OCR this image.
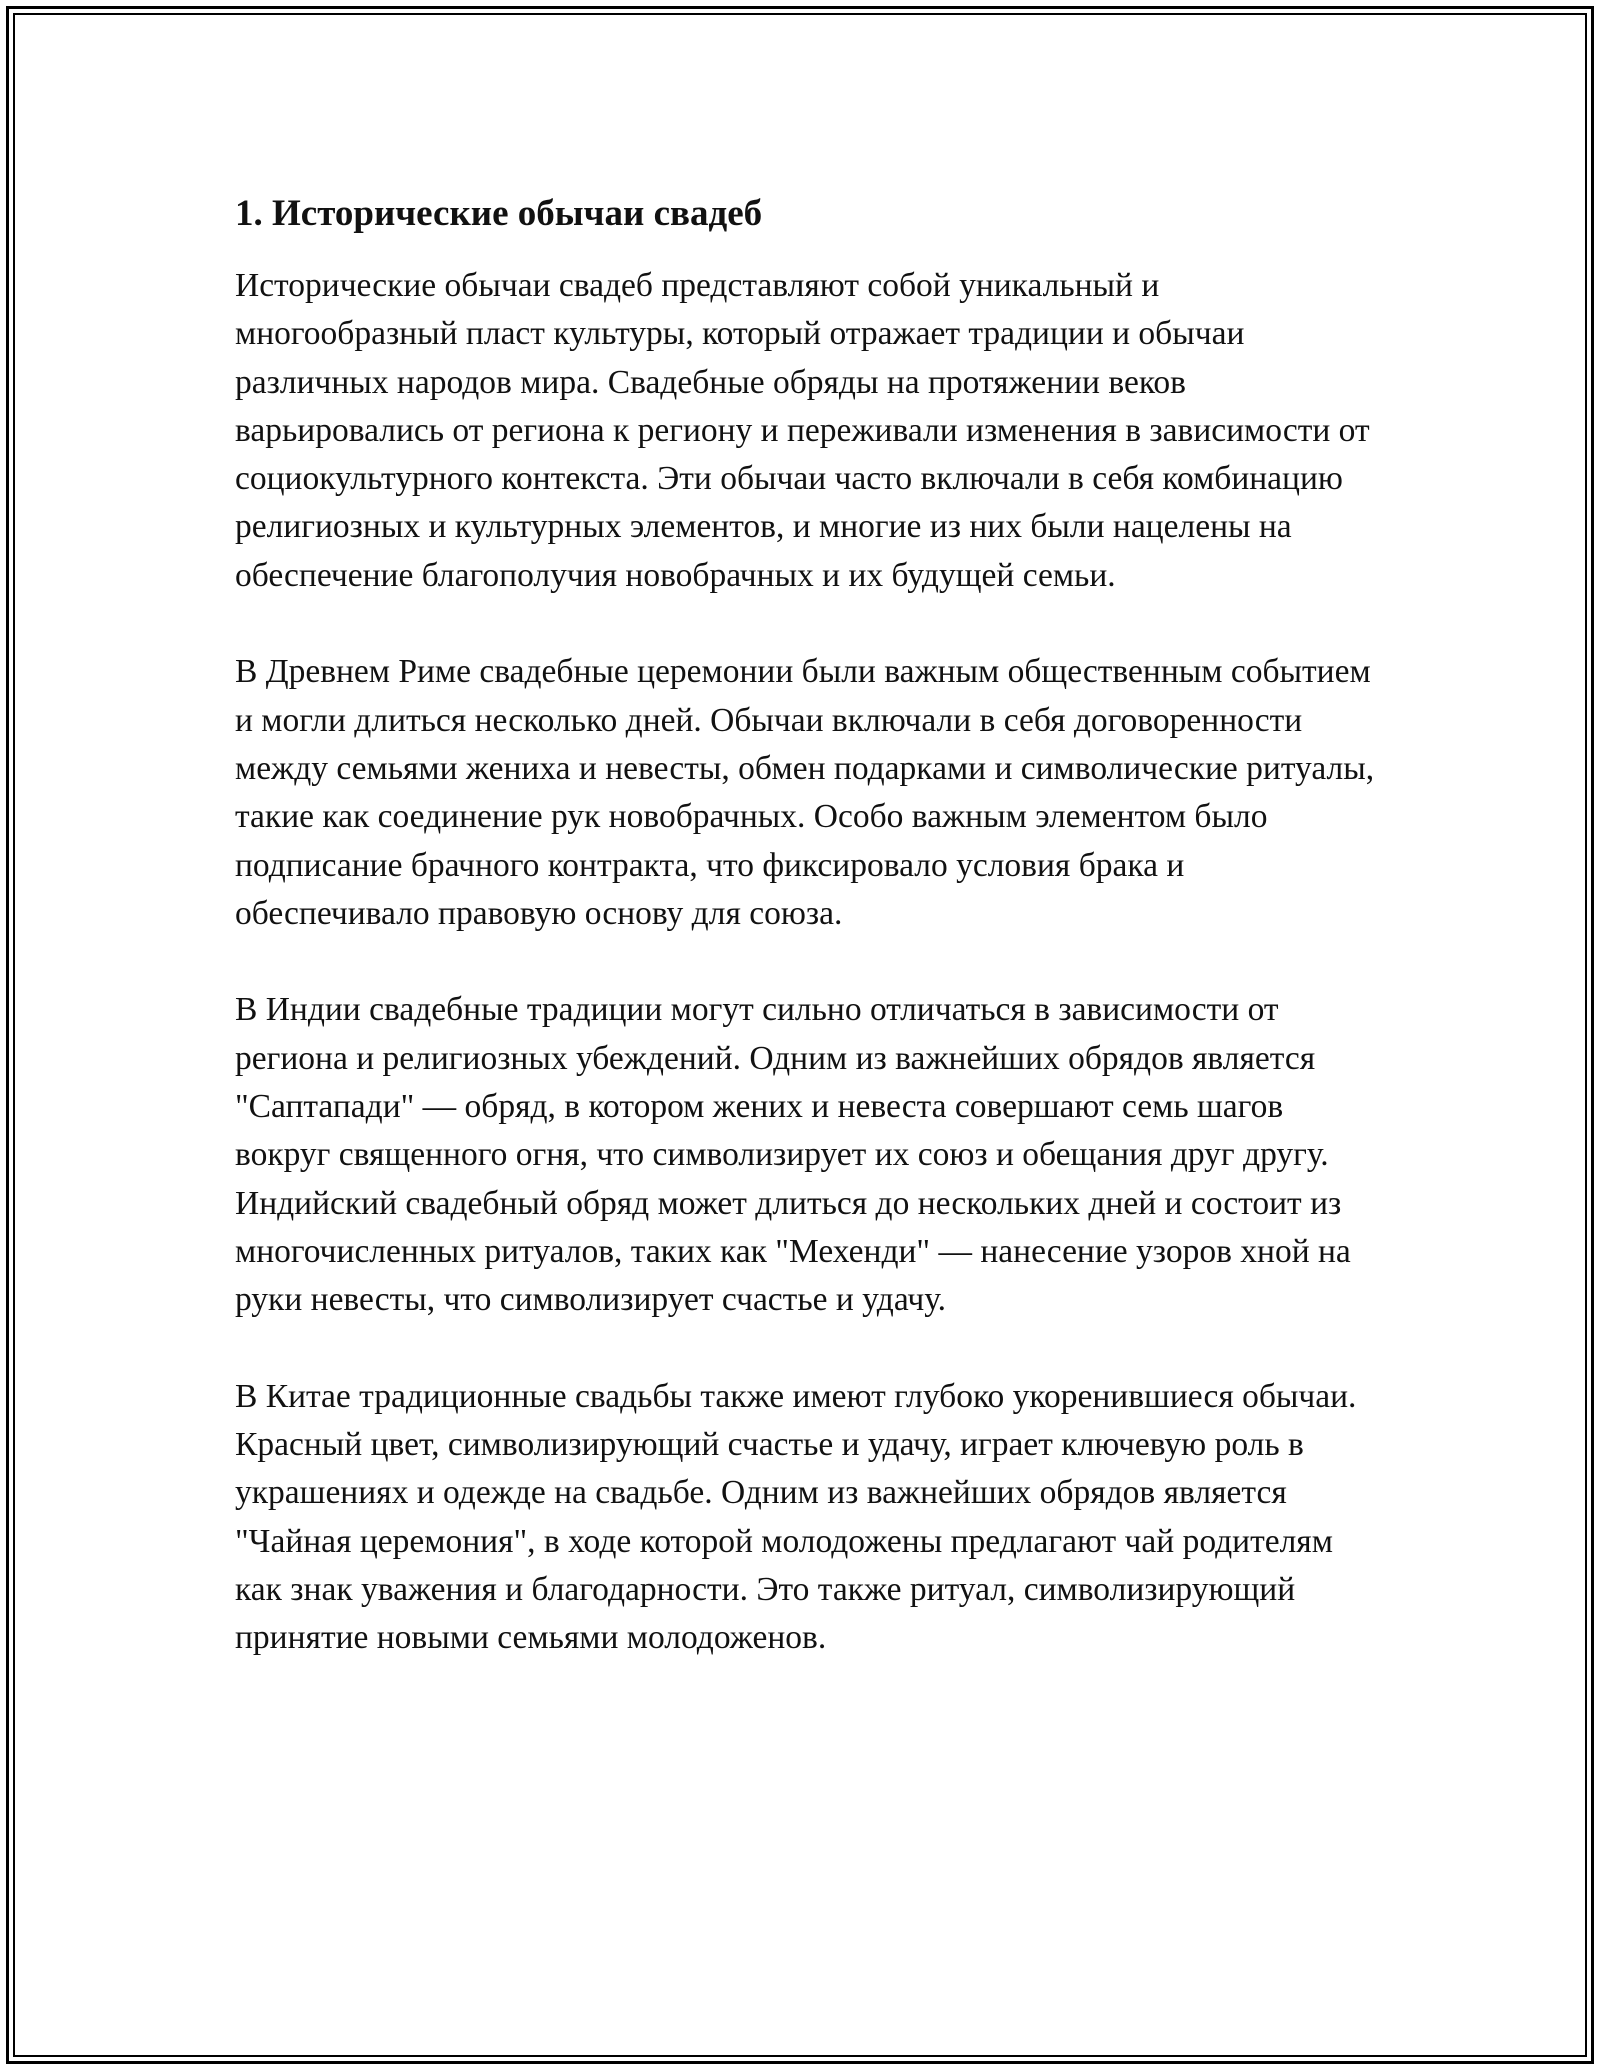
1. Исторические обычаи свадеб

Исторические обычаи свадеб представляют собой уникальный и многообразный пласт культуры, который отражает традиции и обычаи различных народов мира. Свадебные обряды на протяжении веков варьировались от региона к региону и переживали изменения в зависимости от социокультурного контекста. Эти обычаи часто включали в себя комбинацию религиозных и культурных элементов, и многие из них были нацелены на обеспечение благополучия новобрачных и их будущей семьи.

В Древнем Риме свадебные церемонии были важным общественным событием и могли длиться несколько дней. Обычаи включали в себя договоренности между семьями жениха и невесты, обмен подарками и символические ритуалы, такие как соединение рук новобрачных. Особо важным элементом было подписание брачного контракта, что фиксировало условия брака и обеспечивало правовую основу для союза.

В Индии свадебные традиции могут сильно отличаться в зависимости от региона и религиозных убеждений. Одним из важнейших обрядов является "Саптапади" — обряд, в котором жених и невеста совершают семь шагов вокруг священного огня, что символизирует их союз и обещания друг другу. Индийский свадебный обряд может длиться до нескольких дней и состоит из многочисленных ритуалов, таких как "Мехенди" — нанесение узоров хной на руки невесты, что символизирует счастье и удачу.

В Китае традиционные свадьбы также имеют глубоко укоренившиеся обычаи. Красный цвет, символизирующий счастье и удачу, играет ключевую роль в украшениях и одежде на свадьбе. Одним из важнейших обрядов является "Чайная церемония", в ходе которой молодожены предлагают чай родителям как знак уважения и благодарности. Это также ритуал, символизирующий принятие новыми семьями молодоженов.
